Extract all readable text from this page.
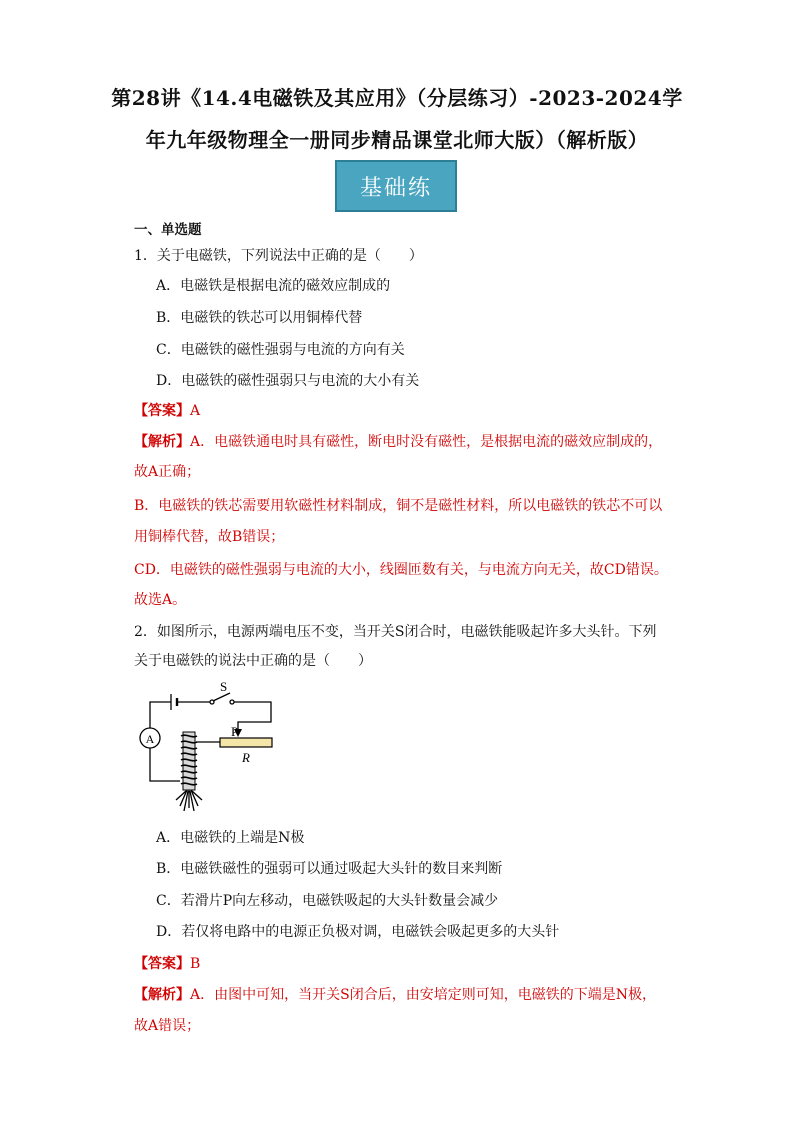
第28讲《14.4电磁铁及其应用》（分层练习）-2023-2024学
年九年级物理全一册同步精品课堂北师大版）（解析版）
基础练
一、单选题
1．关于电磁铁，下列说法中正确的是（　　）
A．电磁铁是根据电流的磁效应制成的
B．电磁铁的铁芯可以用铜棒代替
C．电磁铁的磁性强弱与电流的方向有关
D．电磁铁的磁性强弱只与电流的大小有关
【答案】A
【解析】A．电磁铁通电时具有磁性，断电时没有磁性，是根据电流的磁效应制成的，
故A正确；
B．电磁铁的铁芯需要用软磁性材料制成，铜不是磁性材料，所以电磁铁的铁芯不可以
用铜棒代替，故B错误；
CD．电磁铁的磁性强弱与电流的大小，线圈匝数有关，与电流方向无关，故CD错误。
故选A。
2．如图所示，电源两端电压不变，当开关S闭合时，电磁铁能吸起许多大头针。下列
关于电磁铁的说法中正确的是（　　）
A
S
P
R
A．电磁铁的上端是N极
B．电磁铁磁性的强弱可以通过吸起大头针的数目来判断
C．若滑片P向左移动，电磁铁吸起的大头针数量会减少
D．若仅将电路中的电源正负极对调，电磁铁会吸起更多的大头针
【答案】B
【解析】A．由图中可知，当开关S闭合后，由安培定则可知，电磁铁的下端是N极，
故A错误；
